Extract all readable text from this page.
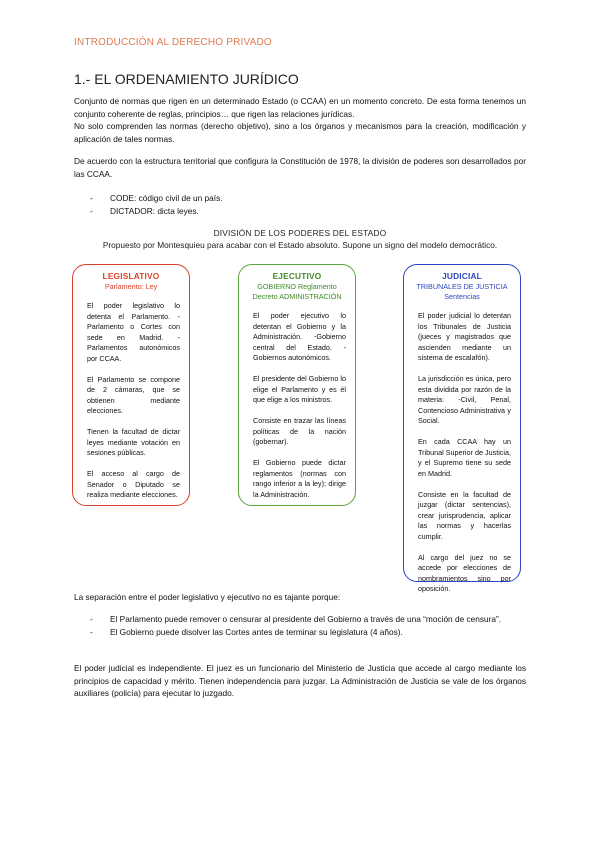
INTRODUCCIÓN AL DERECHO PRIVADO
1.- EL ORDENAMIENTO JURÍDICO
Conjunto de normas que rigen en un determinado Estado (o CCAA) en un momento concreto. De esta forma tenemos un conjunto coherente de reglas, principios… que rigen las relaciones jurídicas.
No solo comprenden las normas (derecho objetivo), sino a los órganos y mecanismos para la creación, modificación y aplicación de tales normas.
De acuerdo con la estructura territorial que configura la Constitución de 1978, la división de poderes son desarrollados por las CCAA.
- CODE: código civil de un país.
- DICTADOR: dicta leyes.
DIVISIÓN DE LOS PODERES DEL ESTADO
Propuesto por Montesquieu para acabar con el Estado absoluto. Supone un signo del modelo democrático.
LEGISLATIVO
Parlamento: Ley

El poder legislativo lo detenta el Parlamento. -Parlamento o Cortes con sede en Madrid. -Parlamentos autonómicos por CCAA.

El Parlamento se compone de 2 cámaras, que se obtienen mediante elecciones.

Tienen la facultad de dictar leyes mediante votación en sesiones públicas.

El acceso al cargo de Senador o Diputado se realiza mediante elecciones.

EJECUTIVO
GOBIERNO Reglamento
Decreto ADMINISTRACIÓN

El poder ejecutivo lo detentan el Gobierno y la Administración. -Gobierno central del Estado. -Gobiernos autonómicos.

El presidente del Gobierno lo elige el Parlamento y es él que elige a los ministros.

Consiste en trazar las líneas políticas de la nación (gobernar).

El Gobierno puede dictar reglamentos (normas con rango inferior a la ley); dirige la Administración.

JUDICIAL
TRIBUNALES DE JUSTICIA
Sentencias

El poder judicial lo detentan los Tribunales de Justicia (jueces y magistrados que ascienden mediante un sistema de escalafón).

La jurisdicción es única, pero esta dividida por razón de la materia: -Civil, Penal, Contencioso Administrativa y Social.

En cada CCAA hay un Tribunal Superior de Justicia, y el Supremo tiene su sede en Madrid.

Consiste en la facultad de juzgar (dictar sentencias), crear jurisprudencia, aplicar las normas y hacerlas cumplir.

Al cargo del juez no se accede por elecciones de nombramientos sino por oposición.

La separación entre el poder legislativo y ejecutivo no es tajante porque:
- El Parlamento puede remover o censurar al presidente del Gobierno a través de una “moción de censura”.
- El Gobierno puede disolver las Cortes antes de terminar su legislatura (4 años).
El poder judicial es independiente. El juez es un funcionario del Ministerio de Justicia que accede al cargo mediante los principios de capacidad y mérito. Tienen independencia para juzgar. La Administración de Justicia se vale de los órganos auxiliares (policía) para ejecutar lo juzgado.
